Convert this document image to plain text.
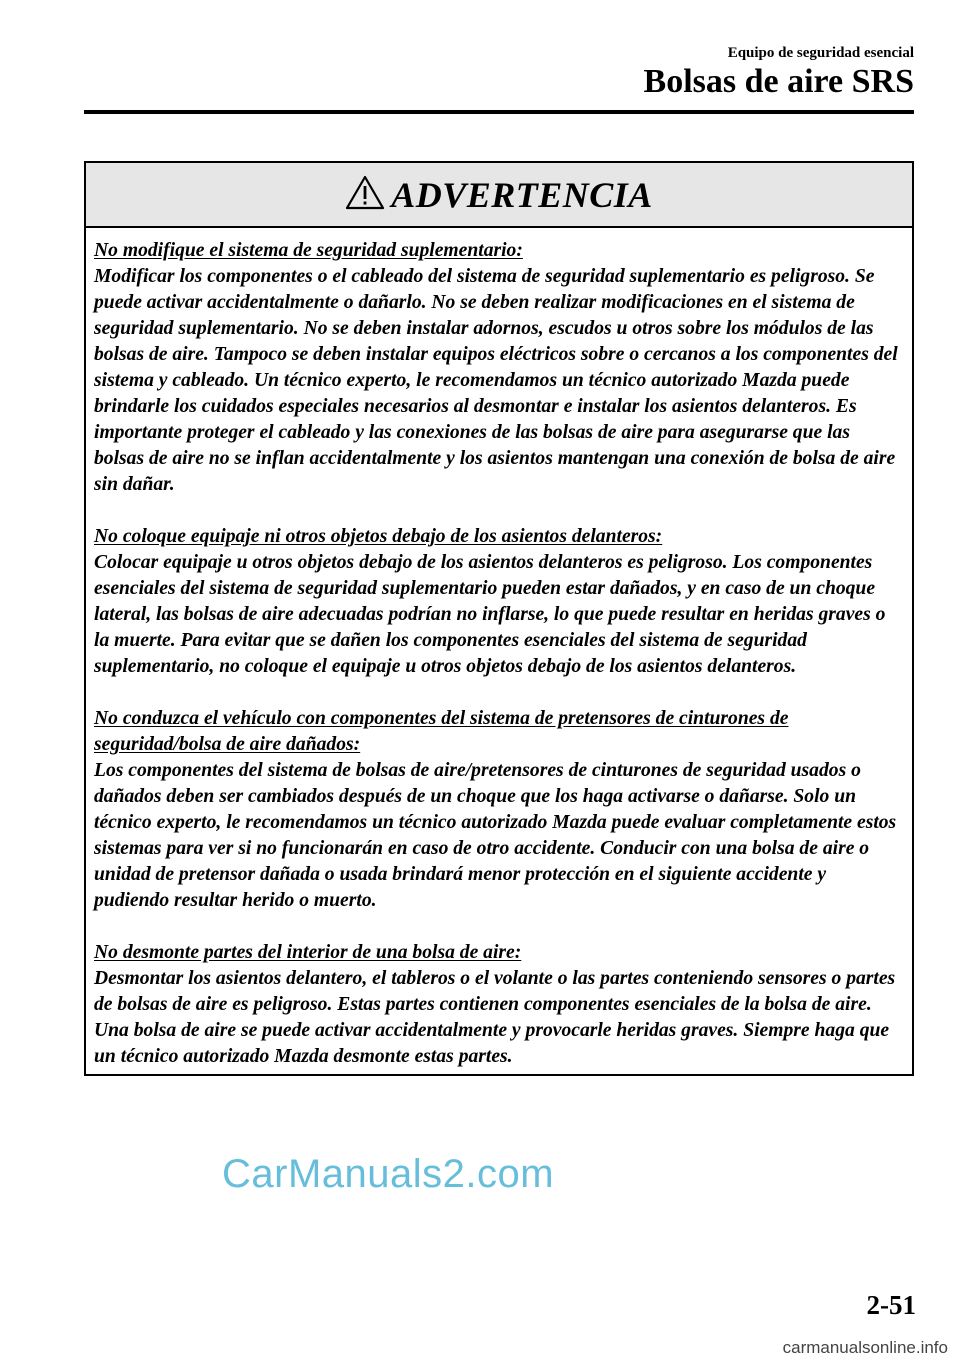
Equipo de seguridad esencial
Bolsas de aire SRS
ADVERTENCIA
No modifique el sistema de seguridad suplementario:
Modificar los componentes o el cableado del sistema de seguridad suplementario es peligroso. Se puede activar accidentalmente o dañarlo. No se deben realizar modificaciones en el sistema de seguridad suplementario. No se deben instalar adornos, escudos u otros sobre los módulos de las bolsas de aire. Tampoco se deben instalar equipos eléctricos sobre o cercanos a los componentes del sistema y cableado. Un técnico experto, le recomendamos un técnico autorizado Mazda puede brindarle los cuidados especiales necesarios al desmontar e instalar los asientos delanteros. Es importante proteger el cableado y las conexiones de las bolsas de aire para asegurarse que las bolsas de aire no se inflan accidentalmente y los asientos mantengan una conexión de bolsa de aire sin dañar.
No coloque equipaje ni otros objetos debajo de los asientos delanteros:
Colocar equipaje u otros objetos debajo de los asientos delanteros es peligroso. Los componentes esenciales del sistema de seguridad suplementario pueden estar dañados, y en caso de un choque lateral, las bolsas de aire adecuadas podrían no inflarse, lo que puede resultar en heridas graves o la muerte. Para evitar que se dañen los componentes esenciales del sistema de seguridad suplementario, no coloque el equipaje u otros objetos debajo de los asientos delanteros.
No conduzca el vehículo con componentes del sistema de pretensores de cinturones de seguridad/bolsa de aire dañados:
Los componentes del sistema de bolsas de aire/pretensores de cinturones de seguridad usados o dañados deben ser cambiados después de un choque que los haga activarse o dañarse. Solo un técnico experto, le recomendamos un técnico autorizado Mazda puede evaluar completamente estos sistemas para ver si no funcionarán en caso de otro accidente. Conducir con una bolsa de aire o unidad de pretensor dañada o usada brindará menor protección en el siguiente accidente y pudiendo resultar herido o muerto.
No desmonte partes del interior de una bolsa de aire:
Desmontar los asientos delantero, el tableros o el volante o las partes conteniendo sensores o partes de bolsas de aire es peligroso. Estas partes contienen componentes esenciales de la bolsa de aire. Una bolsa de aire se puede activar accidentalmente y provocarle heridas graves. Siempre haga que un técnico autorizado Mazda desmonte estas partes.
CarManuals2.com
2-51
carmanualsonline.info
